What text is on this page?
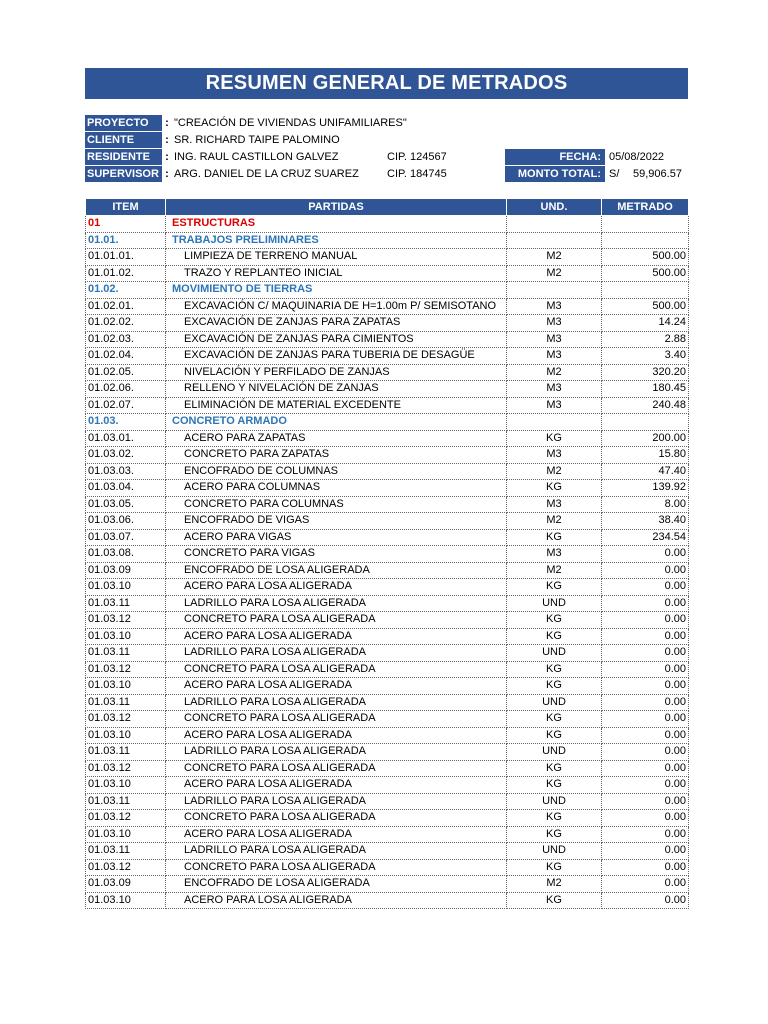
RESUMEN GENERAL DE METRADOS
PROYECTO	: "CREACIÓN DE VIVIENDAS UNIFAMILIARES"
CLIENTE	: SR. RICHARD TAIPE PALOMINO
RESIDENTE	: ING. RAUL CASTILLON GALVEZ	CIP. 124567	FECHA: 05/08/2022
SUPERVISOR : ARG. DANIEL DE LA CRUZ SUAREZ	CIP. 184745	MONTO TOTAL: S/ 59,906.57
ITEM	PARTIDAS	UND.	METRADO
01	ESTRUCTURAS		
01.01.	TRABAJOS PRELIMINARES		
01.01.01.	LIMPIEZA DE TERRENO MANUAL	M2	500.00
01.01.02.	TRAZO Y REPLANTEO INICIAL	M2	500.00
01.02.	MOVIMIENTO DE TIERRAS		
01.02.01.	EXCAVACIÓN C/ MAQUINARIA DE H=1.00m P/ SEMISOTANO	M3	500.00
01.02.02.	EXCAVACIÓN DE ZANJAS PARA ZAPATAS	M3	14.24
01.02.03.	EXCAVACIÓN DE ZANJAS PARA CIMIENTOS	M3	2.88
01.02.04.	EXCAVACIÓN DE ZANJAS PARA TUBERIA DE DESAGÜE	M3	3.40
01.02.05.	NIVELACIÓN Y PERFILADO DE ZANJAS	M2	320.20
01.02.06.	RELLENO Y NIVELACIÓN DE ZANJAS	M3	180.45
01.02.07.	ELIMINACIÓN DE MATERIAL EXCEDENTE	M3	240.48
01.03.	CONCRETO ARMADO		
01.03.01.	ACERO PARA ZAPATAS	KG	200.00
01.03.02.	CONCRETO PARA ZAPATAS	M3	15.80
01.03.03.	ENCOFRADO DE COLUMNAS	M2	47.40
01.03.04.	ACERO PARA COLUMNAS	KG	139.92
01.03.05.	CONCRETO PARA COLUMNAS	M3	8.00
01.03.06.	ENCOFRADO DE VIGAS	M2	38.40
01.03.07.	ACERO PARA VIGAS	KG	234.54
01.03.08.	CONCRETO PARA VIGAS	M3	0.00
01.03.09	ENCOFRADO DE LOSA ALIGERADA	M2	0.00
01.03.10	ACERO PARA LOSA ALIGERADA	KG	0.00
01.03.11	LADRILLO PARA LOSA ALIGERADA	UND	0.00
01.03.12	CONCRETO PARA LOSA ALIGERADA	KG	0.00
01.03.10	ACERO PARA LOSA ALIGERADA	KG	0.00
01.03.11	LADRILLO PARA LOSA ALIGERADA	UND	0.00
01.03.12	CONCRETO PARA LOSA ALIGERADA	KG	0.00
01.03.10	ACERO PARA LOSA ALIGERADA	KG	0.00
01.03.11	LADRILLO PARA LOSA ALIGERADA	UND	0.00
01.03.12	CONCRETO PARA LOSA ALIGERADA	KG	0.00
01.03.10	ACERO PARA LOSA ALIGERADA	KG	0.00
01.03.11	LADRILLO PARA LOSA ALIGERADA	UND	0.00
01.03.12	CONCRETO PARA LOSA ALIGERADA	KG	0.00
01.03.10	ACERO PARA LOSA ALIGERADA	KG	0.00
01.03.11	LADRILLO PARA LOSA ALIGERADA	UND	0.00
01.03.12	CONCRETO PARA LOSA ALIGERADA	KG	0.00
01.03.10	ACERO PARA LOSA ALIGERADA	KG	0.00
01.03.11	LADRILLO PARA LOSA ALIGERADA	UND	0.00
01.03.12	CONCRETO PARA LOSA ALIGERADA	KG	0.00
01.03.09	ENCOFRADO DE LOSA ALIGERADA	M2	0.00
01.03.10	ACERO PARA LOSA ALIGERADA	KG	0.00
